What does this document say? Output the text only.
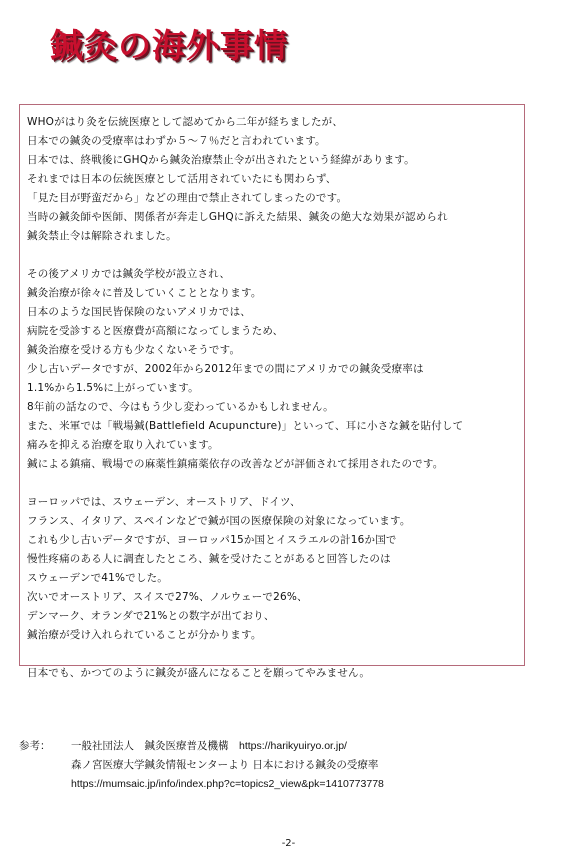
鍼灸の海外事情
WHOがはり灸を伝統医療として認めてから二年が経ちましたが、
日本での鍼灸の受療率はわずか５～７％だと言われています。
日本では、終戦後にGHQから鍼灸治療禁止令が出されたという経緯があります。
それまでは日本の伝統医療として活用されていたにも関わらず、
「見た目が野蛮だから」などの理由で禁止されてしまったのです。
当時の鍼灸師や医師、関係者が奔走しGHQに訴えた結果、鍼灸の絶大な効果が認められ
鍼灸禁止令は解除されました。
その後アメリカでは鍼灸学校が設立され、
鍼灸治療が徐々に普及していくこととなります。
日本のような国民皆保険のないアメリカでは、
病院を受診すると医療費が高額になってしまうため、
鍼灸治療を受ける方も少なくないそうです。
少し古いデータですが、2002年から2012年までの間にアメリカでの鍼灸受療率は
1.1%から1.5%に上がっています。
8年前の話なので、今はもう少し変わっているかもしれません。
また、米軍では「戦場鍼(Battlefield Acupuncture)」といって、耳に小さな鍼を貼付して
痛みを抑える治療を取り入れています。
鍼による鎮痛、戦場での麻薬性鎮痛薬依存の改善などが評価されて採用されたのです。
ヨーロッパでは、スウェーデン、オーストリア、ドイツ、
フランス、イタリア、スペインなどで鍼が国の医療保険の対象になっています。
これも少し古いデータですが、ヨーロッパ15か国とイスラエルの計16か国で
慢性疼痛のある人に調査したところ、鍼を受けたことがあると回答したのは
スウェーデンで41%でした。
次いでオーストリア、スイスで27%、ノルウェーで26%、
デンマーク、オランダで21%との数字が出ており、
鍼治療が受け入れられていることが分かります。
日本でも、かつてのように鍼灸が盛んになることを願ってやみません。
参考： 一般社団法人　鍼灸医療普及機構　https://harikyuiryo.or.jp/
森ノ宮医療大学鍼灸情報センターより 日本における鍼灸の受療率
https://mumsaic.jp/info/index.php?c=topics2_view&pk=1410773778
-2-
